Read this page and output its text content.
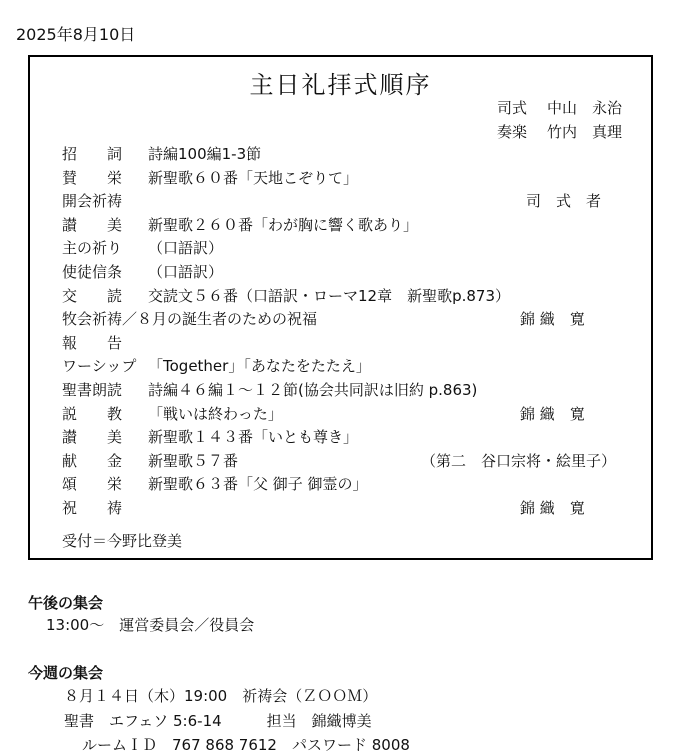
2025年8月10日
主日礼拝式順序
司式 中山　永治
奏楽 竹内　真理
受付＝今野比登美
招　　詞 詩編100編1-3節
賛　　栄 新聖歌６０番「天地こぞりて」
開会祈祷	司　式　者
讃　　美 新聖歌２６０番「わが胸に響く歌あり」
主の祈り （口語訳）
使徒信条 （口語訳）
交　　読 交読文５６番（口語訳・ローマ12章　新聖歌p.873）
牧会祈祷／８月の誕生者のための祝福	錦 織　寛
報　　告
ワーシップ 「Together」「あなたをたたえ」
聖書朗読 詩編４６編１～１２節(協会共同訳は旧約 p.863)
説　　教 「戦いは終わった」	錦 織　寛
讃　　美 新聖歌１４３番「いとも尊き」
献　　金 新聖歌５７番	（第二　谷口宗将・絵里子）
頌　　栄 新聖歌６３番「父 御子 御霊の」
祝　　祷	錦 織　寛
午後の集会
13:00～　運営委員会／役員会
今週の集会
８月１４日（木）19:00　祈祷会（ＺＯＯＭ）
聖書　エフェソ 5:6-14　　　担当　錦織博美
ルームＩＤ　767 868 7612　パスワード 8008
